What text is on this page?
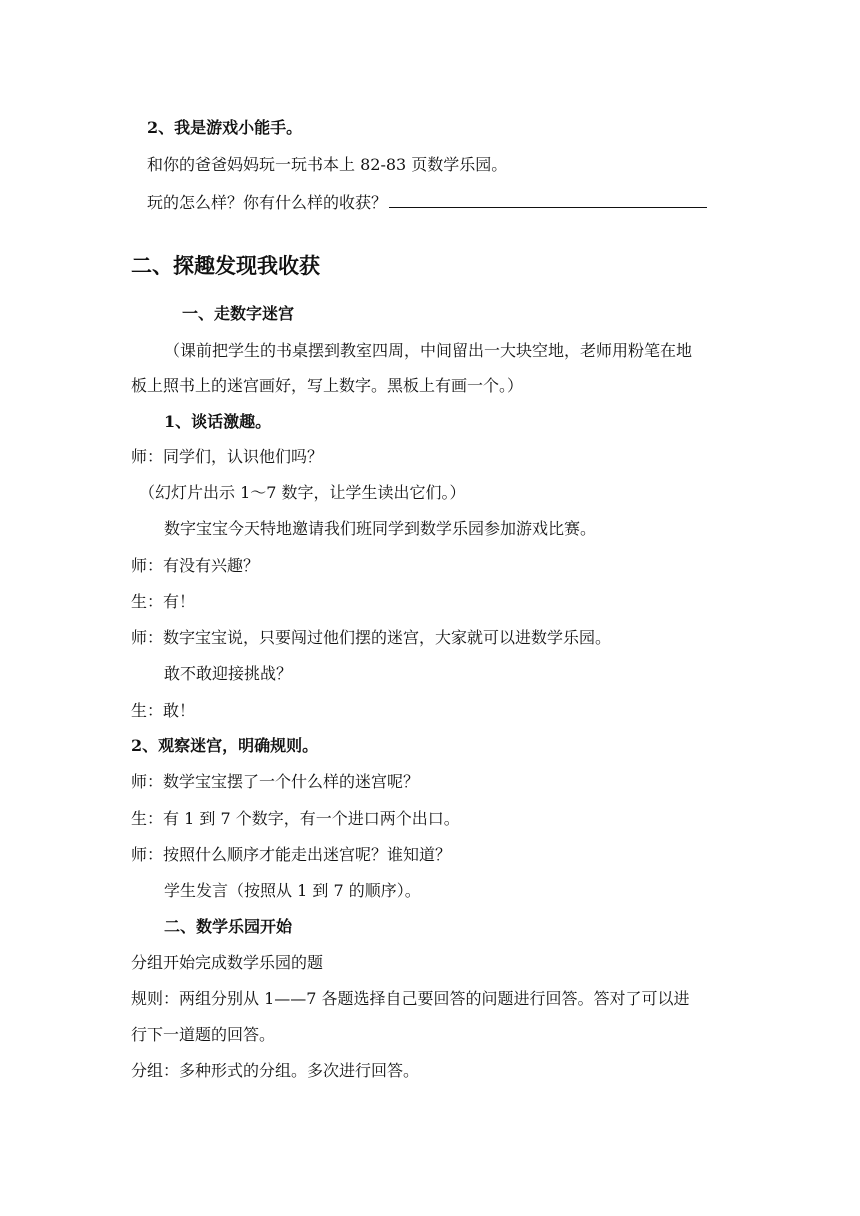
2、我是游戏小能手。
和你的爸爸妈妈玩一玩书本上 82-83 页数学乐园。
玩的怎么样？你有什么样的收获？
二、探趣发现我收获
一、走数字迷宫
（课前把学生的书桌摆到教室四周，中间留出一大块空地，老师用粉笔在地
板上照书上的迷宫画好，写上数字。黑板上有画一个。）
1、谈话激趣。
师：同学们，认识他们吗？
（幻灯片出示 1～7 数字，让学生读出它们。）
数字宝宝今天特地邀请我们班同学到数学乐园参加游戏比赛。
师：有没有兴趣？
生：有！
师：数字宝宝说，只要闯过他们摆的迷宫，大家就可以进数学乐园。
敢不敢迎接挑战？
生：敢！
2、观察迷宫，明确规则。
师：数学宝宝摆了一个什么样的迷宫呢？
生：有 1 到 7 个数字，有一个进口两个出口。
师：按照什么顺序才能走出迷宫呢？谁知道？
学生发言（按照从 1 到 7 的顺序）。
二、数学乐园开始
分组开始完成数学乐园的题
规则：两组分别从 1——7 各题选择自己要回答的问题进行回答。答对了可以进
行下一道题的回答。
分组：多种形式的分组。多次进行回答。
